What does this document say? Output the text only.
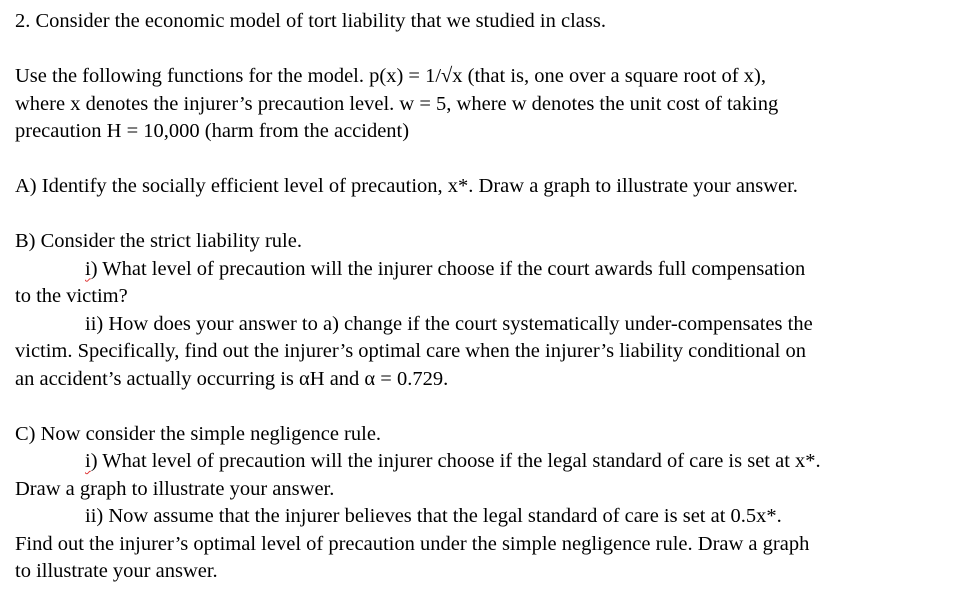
2. Consider the economic model of tort liability that we studied in class.
Use the following functions for the model. p(x) = 1/√x (that is, one over a square root of x),
where x denotes the injurer’s precaution level. w = 5, where w denotes the unit cost of taking
precaution H = 10,000 (harm from the accident)
A) Identify the socially efficient level of precaution, x*. Draw a graph to illustrate your answer.
B) Consider the strict liability rule.
i) What level of precaution will the injurer choose if the court awards full compensation
to the victim?
ii) How does your answer to a) change if the court systematically under-compensates the
victim. Specifically, find out the injurer’s optimal care when the injurer’s liability conditional on
an accident’s actually occurring is αH and α = 0.729.
C) Now consider the simple negligence rule.
i) What level of precaution will the injurer choose if the legal standard of care is set at x*.
Draw a graph to illustrate your answer.
ii) Now assume that the injurer believes that the legal standard of care is set at 0.5x*.
Find out the injurer’s optimal level of precaution under the simple negligence rule. Draw a graph
to illustrate your answer.
